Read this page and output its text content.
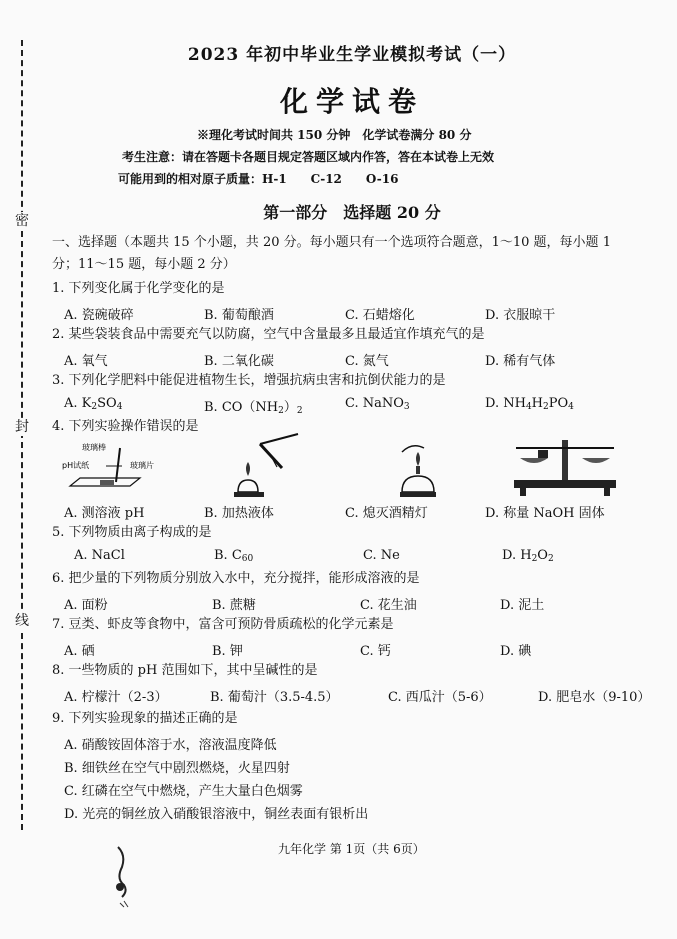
密
封
线
2023 年初中毕业生学业模拟考试（一）
化学试卷
※理化考试时间共 150 分钟　化学试卷满分 80 分
考生注意：请在答题卡各题目规定答题区域内作答，答在本试卷上无效
可能用到的相对原子质量：H-1　　C-12　　O-16
第一部分　选择题 20 分
一、选择题（本题共 15 个小题，共 20 分。每小题只有一个选项符合题意，1～10 题，每小题 1
分；11～15 题，每小题 2 分）
1. 下列变化属于化学变化的是
A. 瓷碗破碎	B. 葡萄酿酒	C. 石蜡熔化	D. 衣服晾干
2. 某些袋装食品中需要充气以防腐，空气中含量最多且最适宜作填充气的是
A. 氧气	B. 二氧化碳	C. 氮气	D. 稀有气体
3. 下列化学肥料中能促进植物生长，增强抗病虫害和抗倒伏能力的是
A. $K_2SO_4$	B. $CO(NH_2)_2$	C. NaNO$_3$	D. $NH_4H_2PO_4$
4. 下列实验操作错误的是
玻璃棒
pH试纸	玻璃片
A. 测溶液 pH	B. 加热液体	C. 熄灭酒精灯	D. 称量 NaOH 固体
5. 下列物质由离子构成的是
A. NaCl	B. $C_{60}$	C. Ne	D. $H_2O_2$
6. 把少量的下列物质分别放入水中，充分搅拌，能形成溶液的是
A. 面粉	B. 蔗糖	C. 花生油	D. 泥土
7. 豆类、虾皮等食物中，富含可预防骨质疏松的化学元素是
A. 硒	B. 钾	C. 钙	D. 碘
8. 一些物质的 pH 范围如下，其中呈碱性的是
A. 柠檬汁（2-3）	B. 葡萄汁（3.5-4.5）	C. 西瓜汁（5-6）	D. 肥皂水（9-10）
9. 下列实验现象的描述正确的是
A. 硝酸铵固体溶于水，溶液温度降低
B. 细铁丝在空气中剧烈燃烧，火星四射
C. 红磷在空气中燃烧，产生大量白色烟雾
D. 光亮的铜丝放入硝酸银溶液中，铜丝表面有银析出
九年化学 第 1页（共 6页）
